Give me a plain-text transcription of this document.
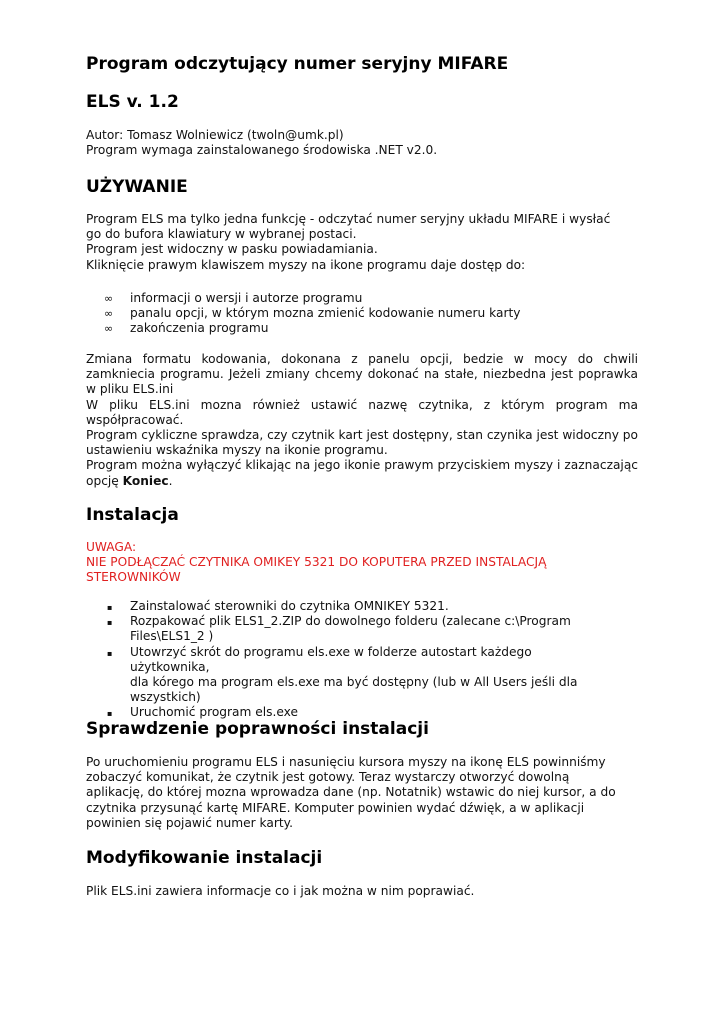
Program odczytujący numer seryjny MIFARE
ELS v. 1.2

Autor: Tomasz Wolniewicz (twoln@umk.pl)
Program wymaga zainstalowanego środowiska .NET v2.0.

UŻYWANIE

Program ELS ma tylko jedna funkcję - odczytać numer seryjny układu MIFARE i wysłać
go do bufora klawiatury w wybranej postaci.
Program jest widoczny w pasku powiadamiania.
Kliknięcie prawym klawiszem myszy na ikone programu daje dostęp do:

∞ informacji o wersji i autorze programu
∞ panalu opcji, w którym mozna zmienić kodowanie numeru karty
∞ zakończenia programu

Zmiana formatu kodowania, dokonana z panelu opcji, bedzie w mocy do chwili zamkniecia programu. Jeżeli zmiany chcemy dokonać na stałe, niezbedna jest poprawka w pliku ELS.ini
W pliku ELS.ini mozna również ustawić nazwę czytnika, z którym program ma współpracować.
Program cykliczne sprawdza, czy czytnik kart jest dostępny, stan czynika jest widoczny po ustawieniu wskaźnika myszy na ikonie programu.
Program można wyłączyć klikając na jego ikonie prawym przyciskiem myszy i zaznaczając opcję Koniec.

Instalacja

UWAGA:
NIE PODŁĄCZAĆ CZYTNIKA OMIKEY 5321 DO KOPUTERA PRZED INSTALACJĄ
STEROWNIKÓW

▪ Zainstalować sterowniki do czytnika OMNIKEY 5321.
▪ Rozpakować plik ELS1_2.ZIP do dowolnego folderu (zalecane c:\Program
Files\ELS1_2 )
▪ Utowrzyć skrót do programu els.exe w folderze autostart każdego użytkownika,
dla kórego ma program els.exe ma być dostępny (lub w All Users jeśli dla
wszystkich)
▪ Uruchomić program els.exe
Sprawdzenie poprawności instalacji

Po uruchomieniu programu ELS i nasunięciu kursora myszy na ikonę ELS powinniśmy
zobaczyć komunikat, że czytnik jest gotowy. Teraz wystarczy otworzyć dowolną
aplikację, do której mozna wprowadza dane (np. Notatnik) wstawic do niej kursor, a do
czytnika przysunąć kartę MIFARE. Komputer powinien wydać dźwięk, a w aplikacji
powinien się pojawić numer karty.

Modyfikowanie instalacji

Plik ELS.ini zawiera informacje co i jak można w nim poprawiać.
